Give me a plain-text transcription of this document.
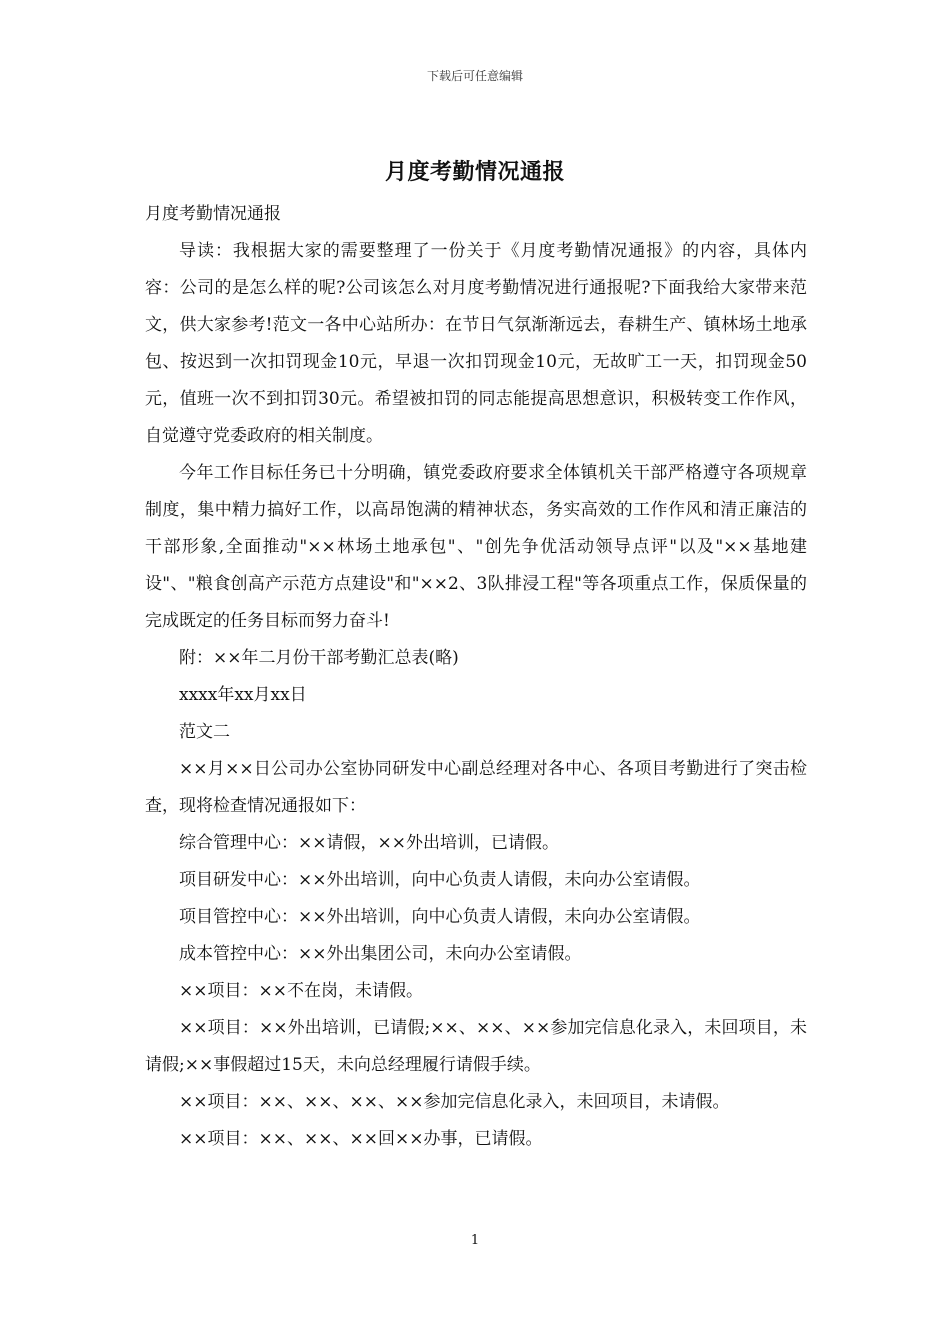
下载后可任意编辑
月度考勤情况通报

月度考勤情况通报

导读：我根据大家的需要整理了一份关于《月度考勤情况通报》的内容，具体内容：公司的是怎么样的呢?公司该怎么对月度考勤情况进行通报呢?下面我给大家带来范文，供大家参考!范文一各中心站所办：在节日气氛渐渐远去，春耕生产、镇林场土地承包、按迟到一次扣罚现金10元，早退一次扣罚现金10元，无故旷工一天，扣罚现金50元，值班一次不到扣罚30元。希望被扣罚的同志能提高思想意识，积极转变工作作风，自觉遵守党委政府的相关制度。

今年工作目标任务已十分明确，镇党委政府要求全体镇机关干部严格遵守各项规章制度，集中精力搞好工作，以高昂饱满的精神状态，务实高效的工作作风和清正廉洁的干部形象,全面推动"××林场土地承包"、"创先争优活动领导点评"以及"××基地建设"、"粮食创高产示范方点建设"和"××2、3队排浸工程"等各项重点工作，保质保量的完成既定的任务目标而努力奋斗!

附：××年二月份干部考勤汇总表(略)

xxxx年xx月xx日

范文二

××月××日公司办公室协同研发中心副总经理对各中心、各项目考勤进行了突击检查，现将检查情况通报如下：

综合管理中心：××请假，××外出培训，已请假。

项目研发中心：××外出培训，向中心负责人请假，未向办公室请假。

项目管控中心：××外出培训，向中心负责人请假，未向办公室请假。

成本管控中心：××外出集团公司，未向办公室请假。

××项目：××不在岗，未请假。

××项目：××外出培训，已请假;××、××、××参加完信息化录入，未回项目，未请假;××事假超过15天，未向总经理履行请假手续。

××项目：××、××、××、××参加完信息化录入，未回项目，未请假。

××项目：××、××、××回××办事，已请假。

1
